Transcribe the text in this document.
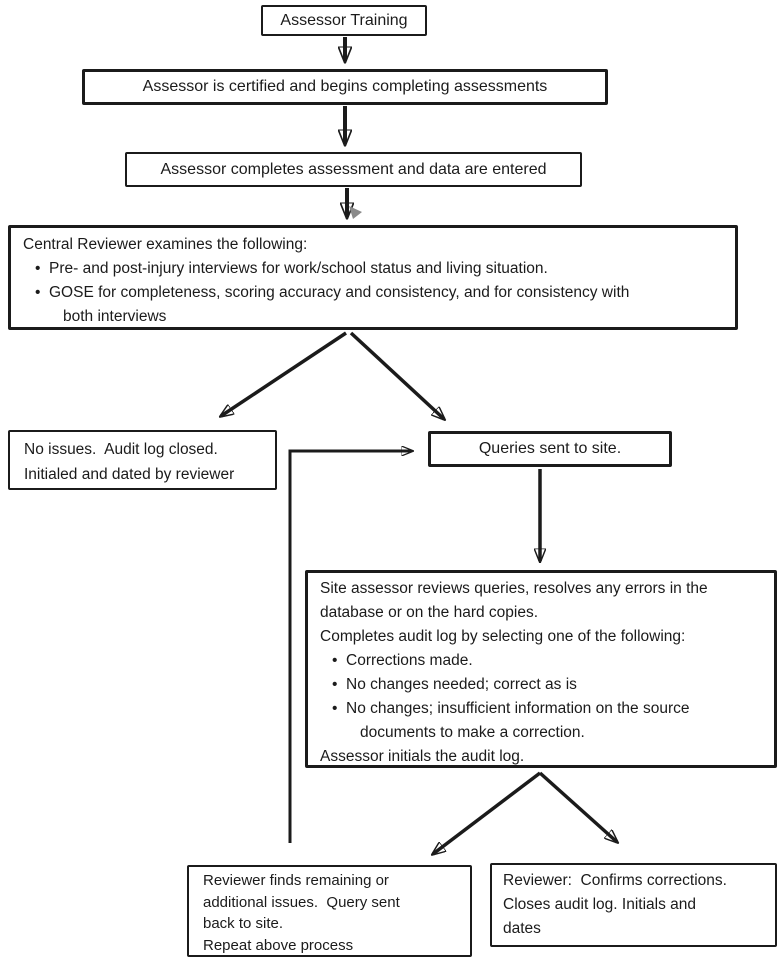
Assessor Training
Assessor is certified and begins completing assessments
Assessor completes assessment and data are entered
Central Reviewer examines the following:
• Pre- and post-injury interviews for work/school status and living situation.
• GOSE for completeness, scoring accuracy and consistency, and for consistency with
both interviews
No issues.  Audit log closed.
Initialed and dated by reviewer
Queries sent to site.
Site assessor reviews queries, resolves any errors in the
database or on the hard copies.
Completes audit log by selecting one of the following:
• Corrections made.
• No changes needed; correct as is
• No changes; insufficient information on the source
documents to make a correction.
Assessor initials the audit log.
Reviewer finds remaining or
additional issues.  Query sent
back to site.
Repeat above process
Reviewer:  Confirms corrections.
Closes audit log. Initials and
dates
